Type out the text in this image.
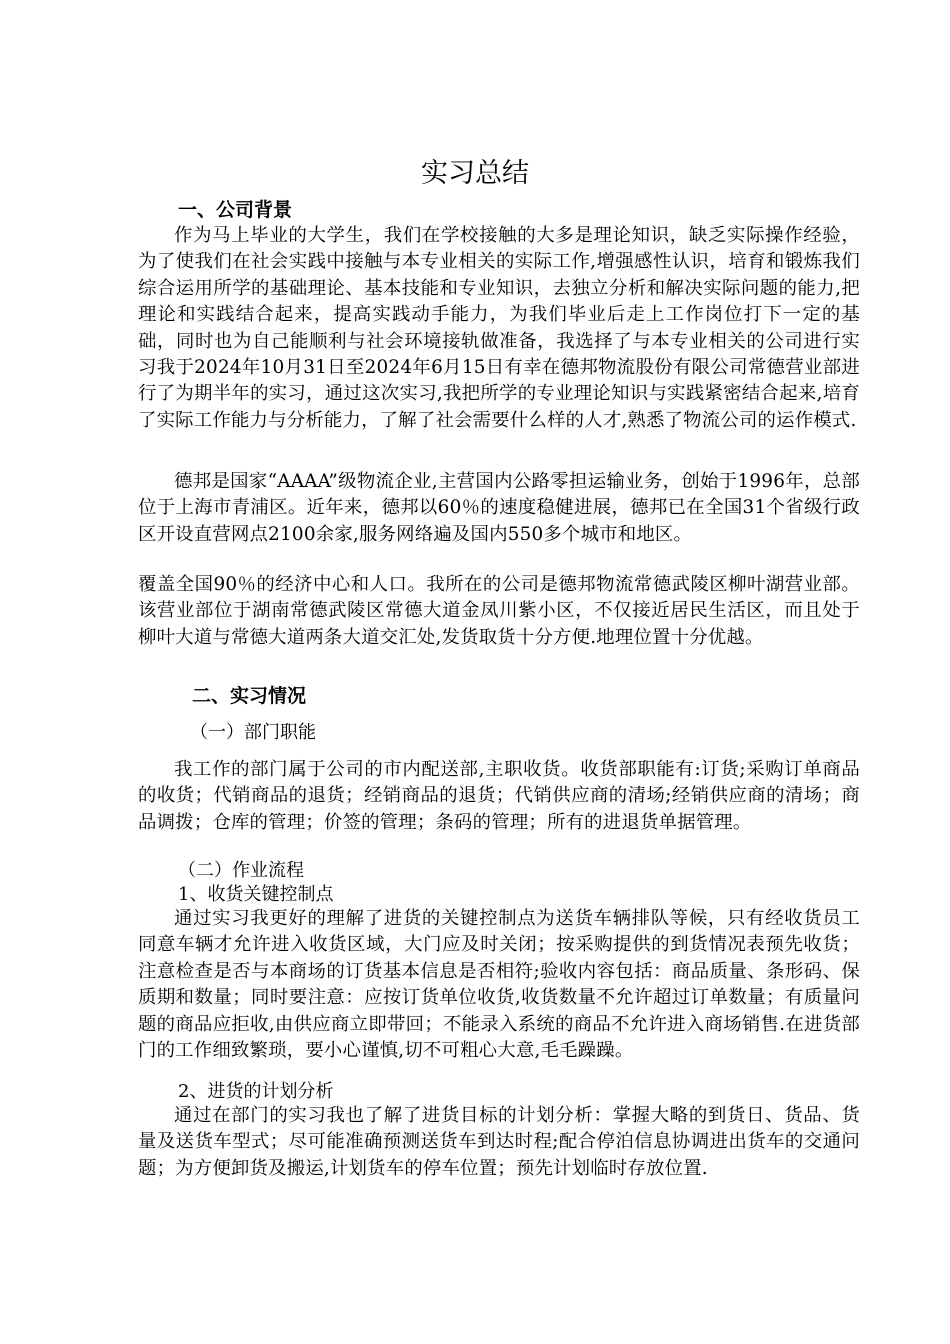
实习总结
一、公司背景
作为马上毕业的大学生，我们在学校接触的大多是理论知识，缺乏实际操作经验，为了使我们在社会实践中接触与本专业相关的实际工作,增强感性认识，培育和锻炼我们综合运用所学的基础理论、基本技能和专业知识，去独立分析和解决实际问题的能力,把理论和实践结合起来，提高实践动手能力，为我们毕业后走上工作岗位打下一定的基础，同时也为自己能顺利与社会环境接轨做准备，我选择了与本专业相关的公司进行实习我于2024年10月31日至2024年6月15日有幸在德邦物流股份有限公司常德营业部进行了为期半年的实习，通过这次实习,我把所学的专业理论知识与实践紧密结合起来,培育了实际工作能力与分析能力，了解了社会需要什么样的人才,熟悉了物流公司的运作模式.
德邦是国家“AAAA”级物流企业,主营国内公路零担运输业务，创始于1996年，总部位于上海市青浦区。近年来，德邦以60％的速度稳健进展，德邦已在全国31个省级行政区开设直营网点2100余家,服务网络遍及国内550多个城市和地区。
覆盖全国90％的经济中心和人口。我所在的公司是德邦物流常德武陵区柳叶湖营业部。该营业部位于湖南常德武陵区常德大道金凤川紫小区，不仅接近居民生活区，而且处于柳叶大道与常德大道两条大道交汇处,发货取货十分方便.地理位置十分优越。
二、实习情况
（一）部门职能
我工作的部门属于公司的市内配送部,主职收货。收货部职能有:订货;采购订单商品的收货；代销商品的退货；经销商品的退货；代销供应商的清场;经销供应商的清场；商品调拨；仓库的管理；价签的管理；条码的管理；所有的进退货单据管理。
（二）作业流程
1、收货关键控制点
通过实习我更好的理解了进货的关键控制点为送货车辆排队等候，只有经收货员工同意车辆才允许进入收货区域，大门应及时关闭；按采购提供的到货情况表预先收货；注意检查是否与本商场的订货基本信息是否相符;验收内容包括：商品质量、条形码、保质期和数量；同时要注意：应按订货单位收货,收货数量不允许超过订单数量；有质量问题的商品应拒收,由供应商立即带回；不能录入系统的商品不允许进入商场销售.在进货部门的工作细致繁琐，要小心谨慎,切不可粗心大意,毛毛躁躁。
2、进货的计划分析
通过在部门的实习我也了解了进货目标的计划分析：掌握大略的到货日、货品、货量及送货车型式；尽可能准确预测送货车到达时程;配合停泊信息协调进出货车的交通问题；为方便卸货及搬运,计划货车的停车位置；预先计划临时存放位置.
